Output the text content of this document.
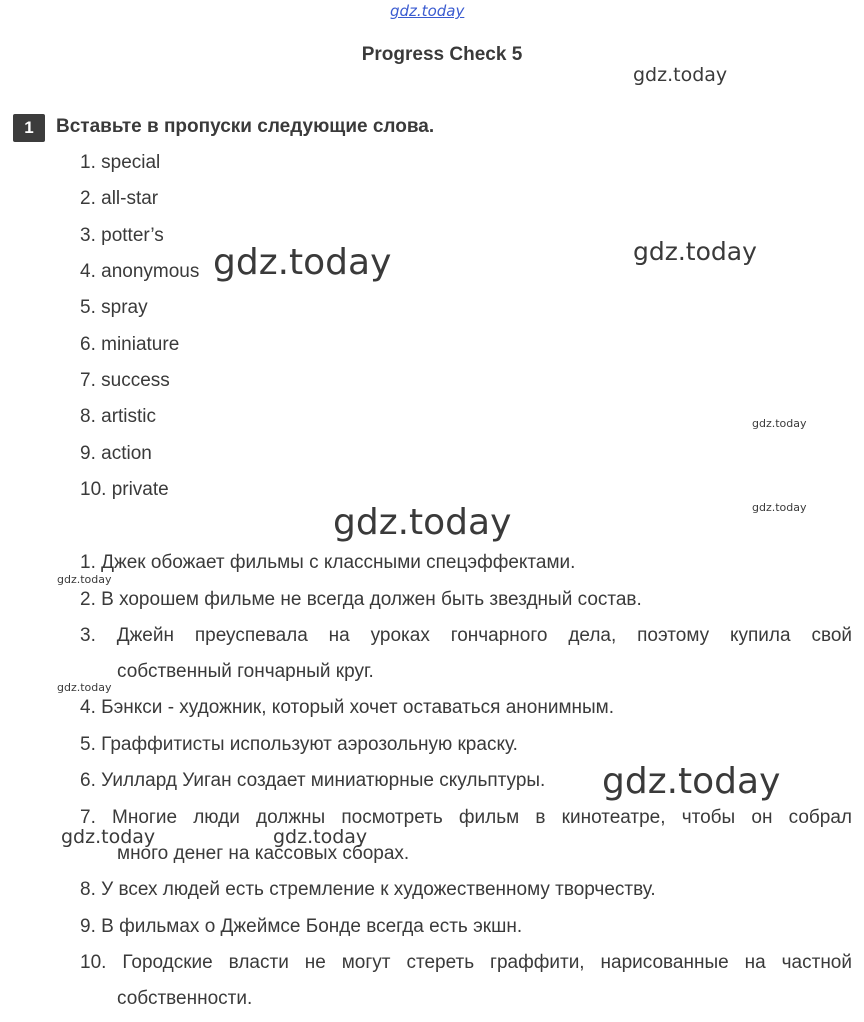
gdz.today
gdz.today
gdz.today
gdz.today
gdz.today
gdz.today
gdz.today
gdz.today
gdz.today
gdz.today
gdz.today	gdz.today
Progress Check 5
1	Вставьте в пропуски следующие слова.
1. special
2. all-star
3. potter’s
4. anonymous
5. spray
6. miniature
7. success
8. artistic
9. action
10. private
1. Джек обожает фильмы с классными спецэффектами.
2. В хорошем фильме не всегда должен быть звездный состав.
3. Джейн преуспевала на уроках гончарного дела, поэтому купила свой
собственный гончарный круг.
4. Бэнкси - художник, который хочет оставаться анонимным.
5. Граффитисты используют аэрозольную краску.
6. Уиллард Уиган создает миниатюрные скульптуры.
7. Многие люди должны посмотреть фильм в кинотеатре, чтобы он собрал
много денег на кассовых сборах.
8. У всех людей есть стремление к художественному творчеству.
9. В фильмах о Джеймсе Бонде всегда есть экшн.
10. Городские власти не могут стереть граффити, нарисованные на частной
собственности.
